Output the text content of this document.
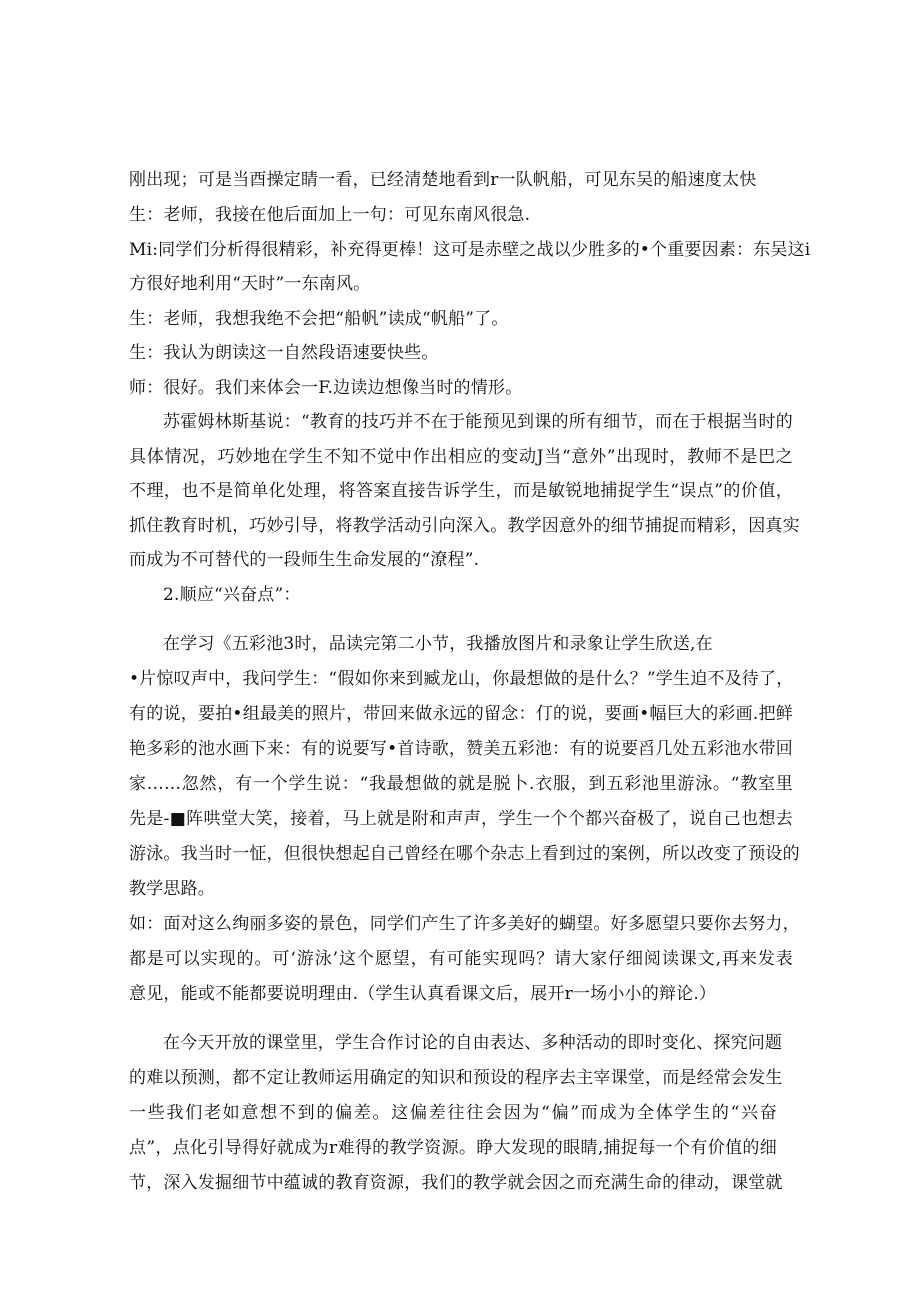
刚出现；可是当酉操定睛一看，已经清楚地看到r一队帆船，可见东吴的船速度太快
生：老师，我接在他后面加上一句：可见东南风很急.
Mi:同学们分析得很精彩，补充得更棒！这可是赤壁之战以少胜多的•个重要因素：东吴这i
方很好地利用“天时”一东南风。
生：老师，我想我绝不会把“船帆”读成“帆船”了。
生：我认为朗读这一自然段语速要快些。
师：很好。我们来体会一F.边读边想像当时的情形。
苏霍姆林斯基说：“教育的技巧并不在于能预见到课的所有细节，而在于根据当时的
具体情况，巧妙地在学生不知不觉中作出相应的变动J当“意外”出现时，教师不是巴之
不理，也不是简单化处理，将答案直接告诉学生，而是敏锐地捕捉学生“误点”的价值，
抓住教育时机，巧妙引导，将教学活动引向深入。教学因意外的细节捕捉而精彩，因真实
而成为不可替代的一段师生生命发展的“潦程”.
2.顺应“兴奋点”：
在学习《五彩池3时，品读完第二小节，我播放图片和录象让学生欣送,在
•片惊叹声中，我问学生：“假如你来到臧龙山，你最想做的是什么？”学生迫不及待了，
有的说，要拍•组最美的照片，带回来做永远的留念：仃的说，要画•幅巨大的彩画.把鲜
艳多彩的池水画下来：有的说要写•首诗歌，赞美五彩池：有的说要舀几处五彩池水带回
家……忽然，有一个学生说：“我最想做的就是脱卜.衣服，到五彩池里游泳。“教室里
先是-■阵哄堂大笑，接着，马上就是附和声声，学生一个个都兴奋极了，说自己也想去
游泳。我当时一怔，但很快想起自己曾经在哪个杂志上看到过的案例，所以改变了预设的
教学思路。
如：面对这么绚丽多姿的景色，同学们产生了许多美好的蝴望。好多愿望只要你去努力，
都是可以实现的。可‘游泳’这个愿望，有可能实现吗？请大家仔细阅读课文,再来发表
意见，能或不能都要说明理由.（学生认真看课文后，展开r一场小小的辩论.）
在今天开放的课堂里，学生合作讨论的自由表达、多种活动的即时变化、探究问题
的难以预测，都不定让教师运用确定的知识和预设的程序去主宰课堂，而是经常会发生
一些我们老如意想不到的偏差。这偏差往往会因为“偏”而成为全体学生的“兴奋
点”，点化引导得好就成为r难得的教学资源。睁大发现的眼睛,捕捉每一个有价值的细
节，深入发掘细节中蕴诚的教育资源，我们的教学就会因之而充满生命的律动，课堂就
